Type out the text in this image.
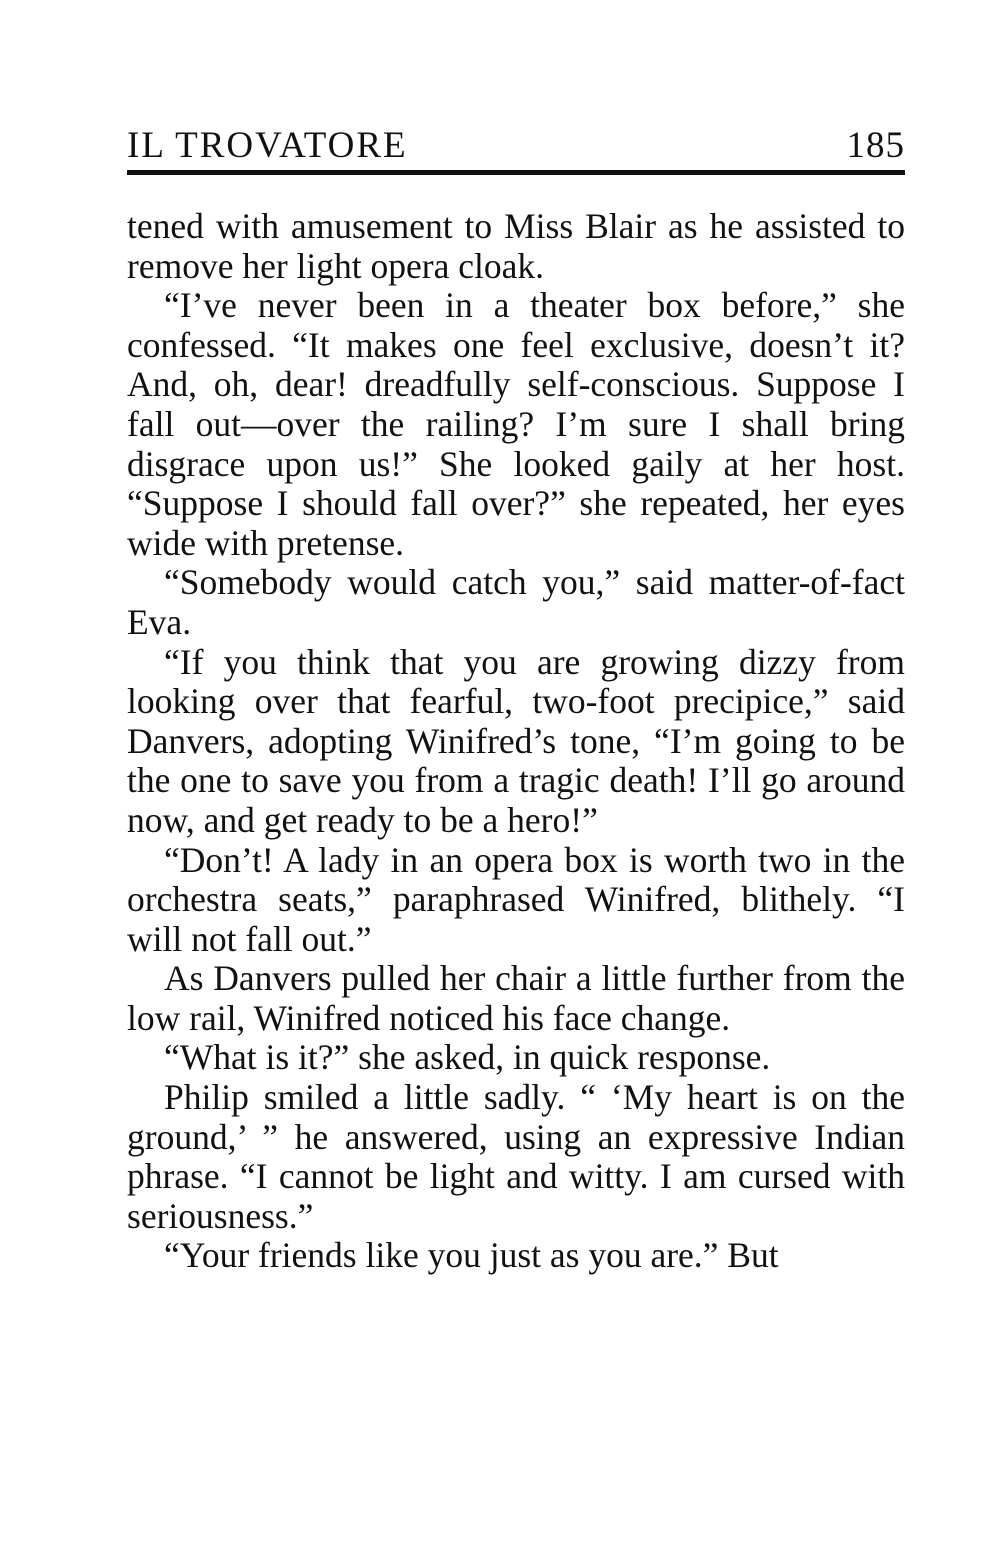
IL TROVATORE	185

tened with amusement to Miss Blair as he assisted to remove her light opera cloak.

“I’ve never been in a theater box before,” she confessed. “It makes one feel exclusive, doesn’t it? And, oh, dear! dreadfully self-conscious. Suppose I fall out—over the railing? I’m sure I shall bring disgrace upon us!” She looked gaily at her host. “Suppose I should fall over?” she repeated, her eyes wide with pretense.

“Somebody would catch you,” said matter-of-fact Eva.

“If you think that you are growing dizzy from looking over that fearful, two-foot precipice,” said Danvers, adopting Winifred’s tone, “I’m going to be the one to save you from a tragic death! I’ll go around now, and get ready to be a hero!”

“Don’t! A lady in an opera box is worth two in the orchestra seats,” paraphrased Winifred, blithely. “I will not fall out.”

As Danvers pulled her chair a little further from the low rail, Winifred noticed his face change.

“What is it?” she asked, in quick response.

Philip smiled a little sadly. “ ‘My heart is on the ground,’ ” he answered, using an expressive Indian phrase. “I cannot be light and witty. I am cursed with seriousness.”

“Your friends like you just as you are.” But
